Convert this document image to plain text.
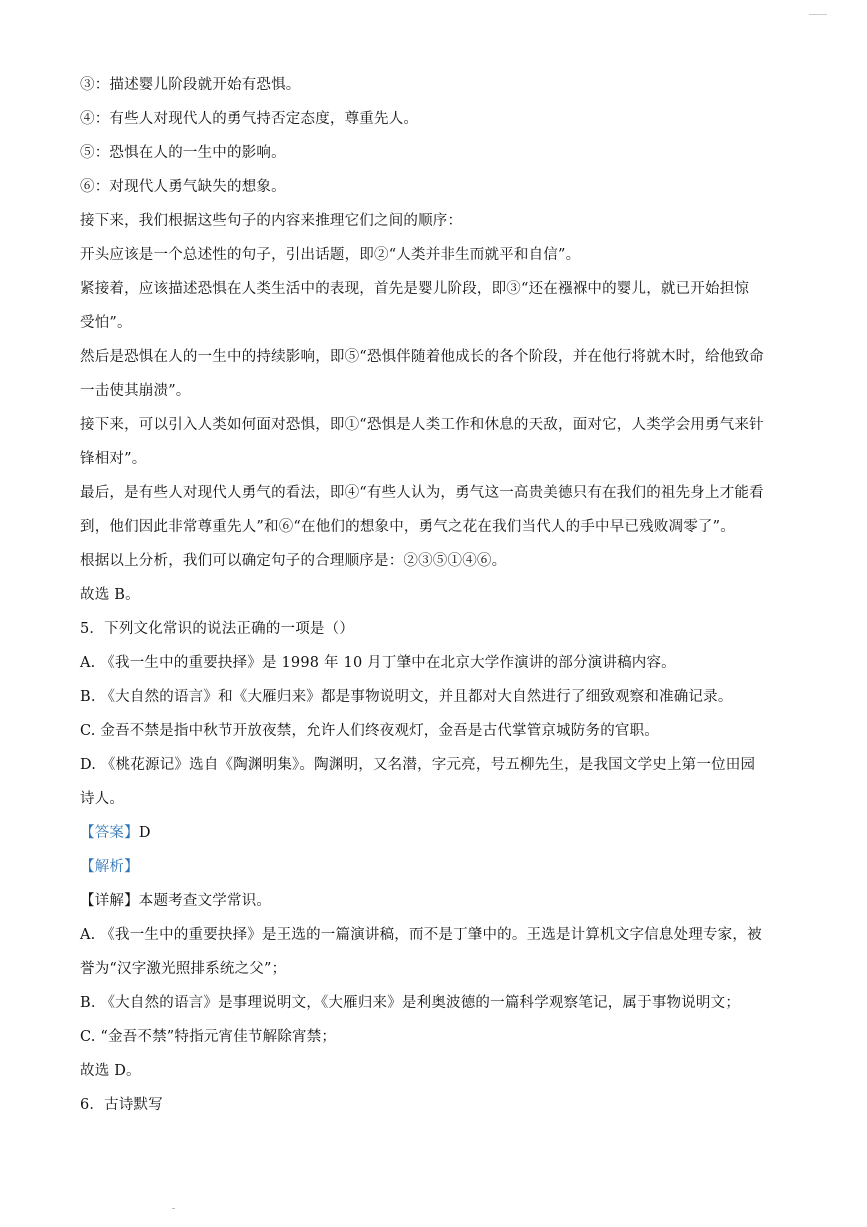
③：描述婴儿阶段就开始有恐惧。
④：有些人对现代人的勇气持否定态度，尊重先人。
⑤：恐惧在人的一生中的影响。
⑥：对现代人勇气缺失的想象。
接下来，我们根据这些句子的内容来推理它们之间的顺序：
开头应该是一个总述性的句子，引出话题，即②“人类并非生而就平和自信”。
紧接着，应该描述恐惧在人类生活中的表现，首先是婴儿阶段，即③“还在襁褓中的婴儿，就已开始担惊
受怕”。
然后是恐惧在人的一生中的持续影响，即⑤“恐惧伴随着他成长的各个阶段，并在他行将就木时，给他致命
一击使其崩溃”。
接下来，可以引入人类如何面对恐惧，即①“恐惧是人类工作和休息的天敌，面对它，人类学会用勇气来针
锋相对”。
最后，是有些人对现代人勇气的看法，即④“有些人认为，勇气这一高贵美德只有在我们的祖先身上才能看
到，他们因此非常尊重先人”和⑥“在他们的想象中，勇气之花在我们当代人的手中早已残败凋零了”。
根据以上分析，我们可以确定句子的合理顺序是：②③⑤①④⑥。
故选 B。
5．下列文化常识的说法正确的一项是（）
A. 《我一生中的重要抉择》是 1998 年 10 月丁肇中在北京大学作演讲的部分演讲稿内容。
B. 《大自然的语言》和《大雁归来》都是事物说明文，并且都对大自然进行了细致观察和准确记录。
C. 金吾不禁是指中秋节开放夜禁，允许人们终夜观灯，金吾是古代掌管京城防务的官职。
D. 《桃花源记》选自《陶渊明集》。陶渊明，又名潜，字元亮，号五柳先生，是我国文学史上第一位田园
诗人。
【答案】D
【解析】
【详解】本题考查文学常识。
A. 《我一生中的重要抉择》是王选的一篇演讲稿，而不是丁肇中的。王选是计算机文字信息处理专家，被
誉为“汉字激光照排系统之父”；
B. 《大自然的语言》是事理说明文，《大雁归来》是利奥波德的一篇科学观察笔记，属于事物说明文；
C. “金吾不禁”特指元宵佳节解除宵禁；
故选 D。
6．古诗默写
